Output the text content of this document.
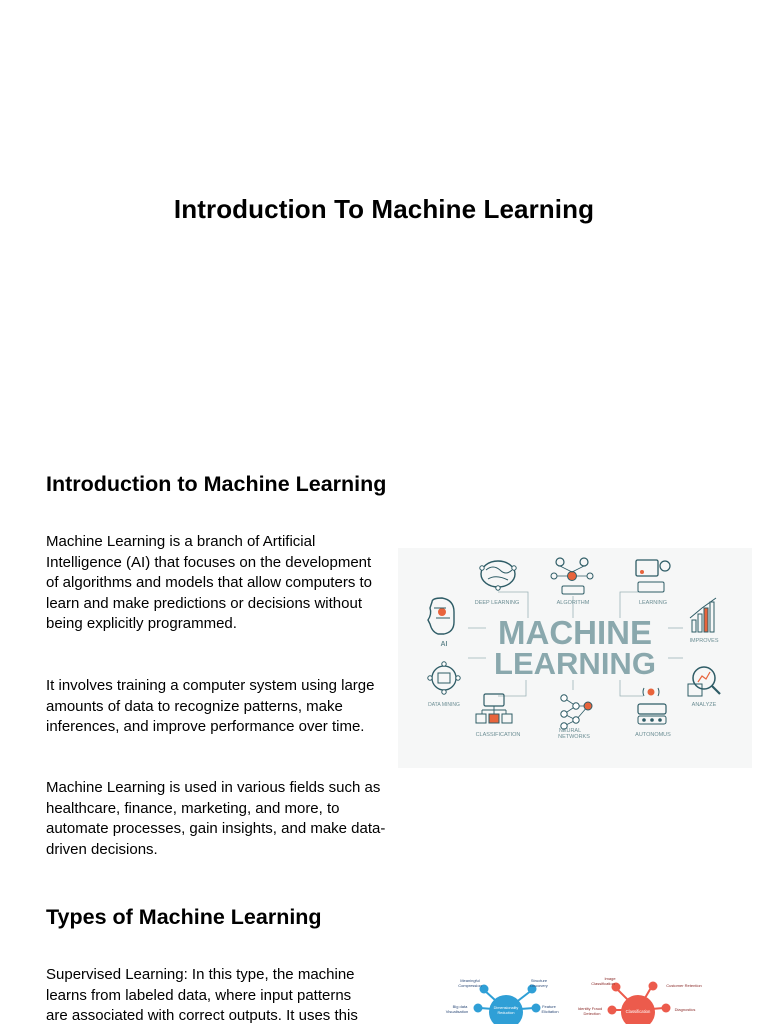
Introduction To Machine Learning
Introduction to Machine Learning
Machine Learning is a branch of Artificial Intelligence (AI) that focuses on the development of algorithms and models that allow computers to learn and make predictions or decisions without being explicitly programmed.
It involves training a computer system using large amounts of data to recognize patterns, make inferences, and improve performance over time.
Machine Learning is used in various fields such as healthcare, finance, marketing, and more, to automate processes, gain insights, and make data-driven decisions.
DEEP LEARNING	ALGORITHM	LEARNING
AI	IMPROVES
MACHINE
LEARNING
DATA MINING	ANALYZE
CLASSIFICATION
NEURAL
NETWORKS	AUTONOMUS
Types of Machine Learning
Supervised Learning: In this type, the machine
learns from labeled data, where input patterns
are associated with correct outputs. It uses this	Dimensionality
Reduction
Meaningful
Compression
Structure
Discovery
Big data
Visualisation
Feature
Elicitation	Classification
Image
Classification	Customer Retention
Identity Fraud
Detection
Diagnostics
